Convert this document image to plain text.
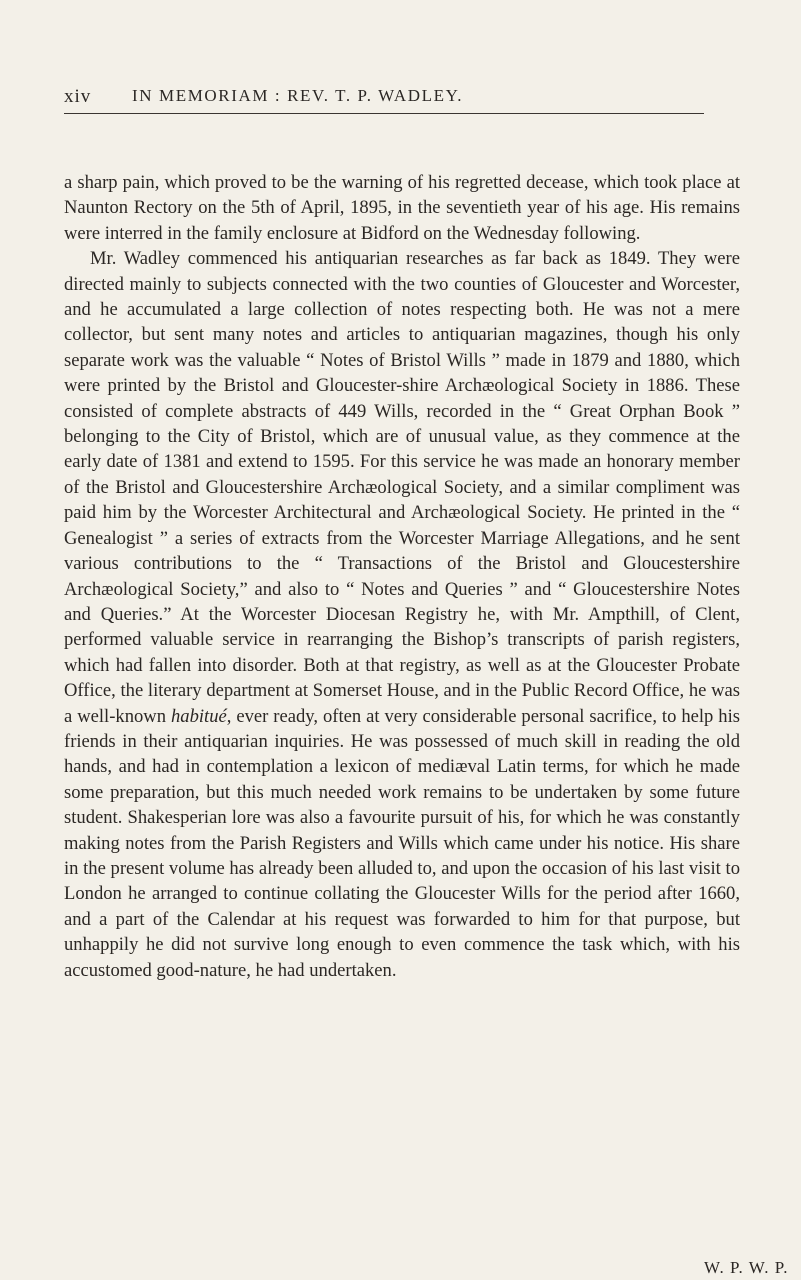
xiv IN MEMORIAM : REV. T. P. WADLEY.

a sharp pain, which proved to be the warning of his regretted decease, which took place at Naunton Rectory on the 5th of April, 1895, in the seventieth year of his age. His remains were interred in the family enclosure at Bidford on the Wednesday following.

Mr. Wadley commenced his antiquarian researches as far back as 1849. They were directed mainly to subjects connected with the two counties of Gloucester and Worcester, and he accumulated a large collection of notes respecting both. He was not a mere collector, but sent many notes and articles to antiquarian magazines, though his only separate work was the valuable “ Notes of Bristol Wills ” made in 1879 and 1880, which were printed by the Bristol and Gloucester-shire Archæological Society in 1886. These consisted of complete abstracts of 449 Wills, recorded in the “ Great Orphan Book ” belonging to the City of Bristol, which are of unusual value, as they commence at the early date of 1381 and extend to 1595. For this service he was made an honorary member of the Bristol and Gloucestershire Archæological Society, and a similar compliment was paid him by the Worcester Architectural and Archæological Society. He printed in the “ Genealogist ” a series of extracts from the Worcester Marriage Allegations, and he sent various contributions to the “ Transactions of the Bristol and Gloucestershire Archæological Society,” and also to “ Notes and Queries ” and “ Gloucestershire Notes and Queries.” At the Worcester Diocesan Registry he, with Mr. Ampthill, of Clent, performed valuable service in rearranging the Bishop’s transcripts of parish registers, which had fallen into disorder. Both at that registry, as well as at the Gloucester Probate Office, the literary department at Somerset House, and in the Public Record Office, he was a well-known habitué, ever ready, often at very considerable personal sacrifice, to help his friends in their antiquarian inquiries. He was possessed of much skill in reading the old hands, and had in contemplation a lexicon of mediæval Latin terms, for which he made some preparation, but this much needed work remains to be undertaken by some future student. Shakesperian lore was also a favourite pursuit of his, for which he was constantly making notes from the Parish Registers and Wills which came under his notice. His share in the present volume has already been alluded to, and upon the occasion of his last visit to London he arranged to continue collating the Gloucester Wills for the period after 1660, and a part of the Calendar at his request was forwarded to him for that purpose, but unhappily he did not survive long enough to even commence the task which, with his accustomed good-nature, he had undertaken.

W. P. W. P.
